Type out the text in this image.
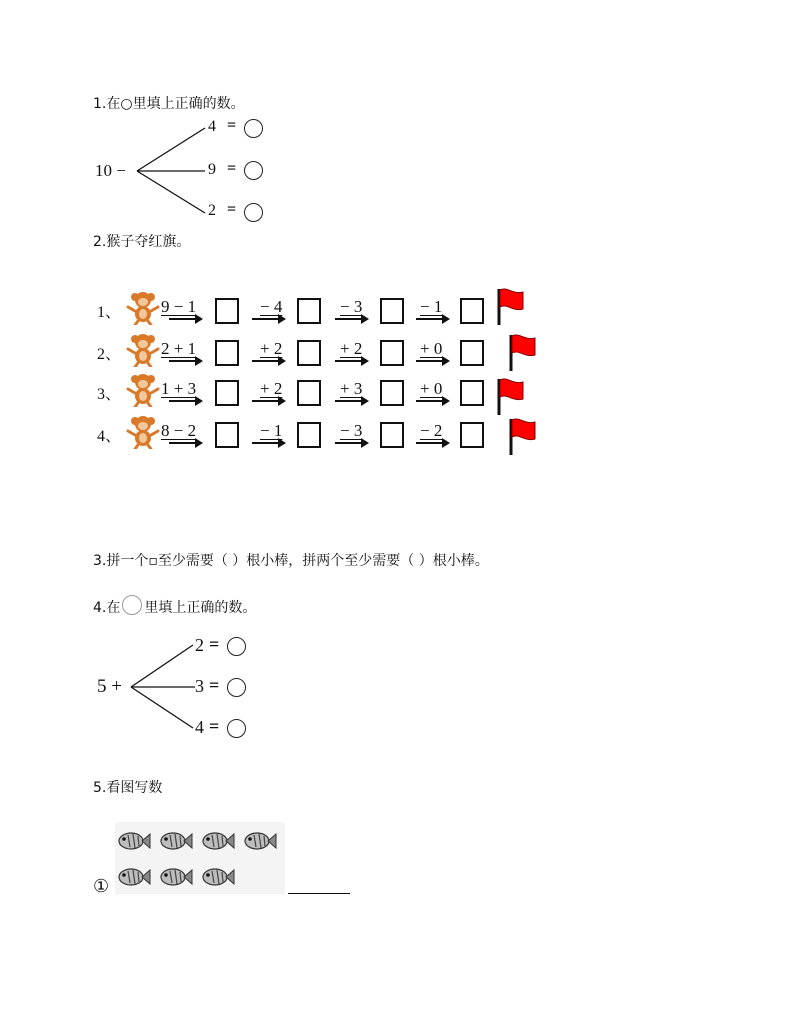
1.在○里填上正确的数。
10 −
4 =
9 =
2 =
2.猴子夺红旗。
1、 9 − 1	− 4	− 3	− 1
2、 2 + 1	+ 2	+ 2	+ 0
3、 1 + 3	+ 2	+ 3	+ 0
4、 8 − 2	− 1	− 3	− 2
3.拼一个▫至少需要（ ）根小棒，拼两个至少需要（ ）根小棒。
4.在 里填上正确的数。
5 +
2 =
3 =
4 =
5.看图写数
①
